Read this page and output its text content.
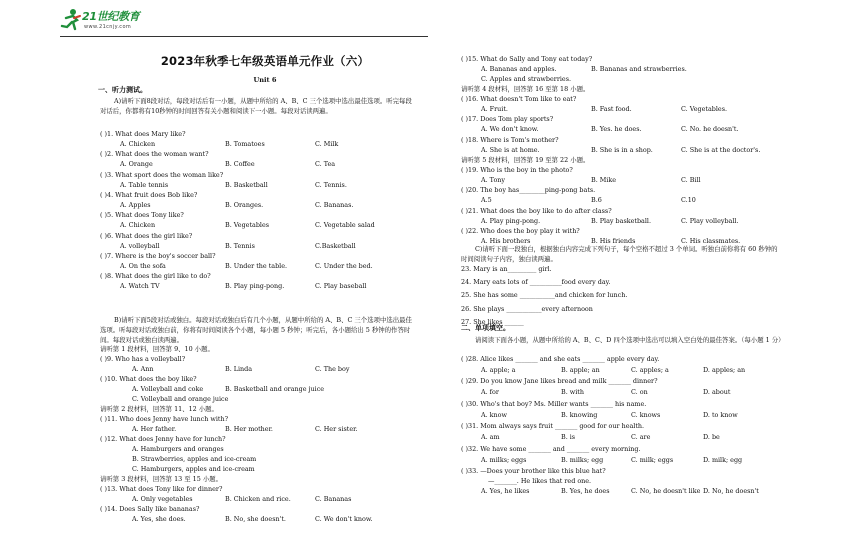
21世纪教育
www.21cnjy.com
2023年秋季七年级英语单元作业（六）
Unit 6
一、听力测试。
A)请听下面8段对话，每段对话后有一小题，从题中所给的 A、B、C 三个选项中选出最佳选项。听完每段对话后，你都将有10秒钟的时间回答有关小题和阅读下一小题。每段对话读两遍。
( )1. What does Mary like?
A. Chicken	B. Tomatoes	C. Milk
( )2. What does the woman want?
A. Orange	B. Coffee	C. Tea
( )3. What sport does the woman like?
A. Table tennis	B. Basketball	C. Tennis.
( )4. What fruit does Bob like?
A. Apples	B. Oranges.	C. Bananas.
( )5. What does Tony like?
A. Chicken	B. Vegetables	C. Vegetable salad
( )6. What does the girl like?
A. volleyball	B. Tennis	C.Basketball
( )7. Where is the boy's soccer ball?
A. On the sofa	B. Under the table.	C. Under the bed.
( )8. What does the girl like to do?
A. Watch TV	B. Play ping-pong.	C. Play baseball
B)请听下面5段对话或独白。每段对话或独白后有几个小题，从题中所给的 A、B、C 三个选项中选出最佳选项。听每段对话或独白前，你将有时间阅读各个小题，每小题 5 秒钟；听完后，各小题给出 5 秒钟的作答时间。每段对话或独白读两遍。
请听第 1 段材料，回答第 9、10 小题。
( )9. Who has a volleyball?
A. Ann	B. Linda	C. The boy
( )10. What does the boy like?
A. Volleyball and coke	B. Basketball and orange juice
C. Volleyball and orange juice
请听第 2 段材料，回答第 11、12 小题。
( )11. Who does Jenny have lunch with?
A. Her father.	B. Her mother.	C. Her sister.
( )12. What does Jenny have for lunch?
A. Hamburgers and oranges
B. Strawberries, apples and ice-cream
C. Hamburgers, apples and ice-cream
请听第 3 段材料，回答第 13 至 15 小题。
( )13. What does Tony like for dinner?
A. Only vegetables	B. Chicken and rice.	C. Bananas
( )14. Does Sally like bananas?
A. Yes, she does.	B. No, she doesn't.	C. We don't know.
( )15. What do Sally and Tony eat today?
A. Bananas and apples.	B. Bananas and strawberries.
C. Apples and strawberries.
请听第 4 段材料，回答第 16 至第 18 小题。
( )16. What doesn't Tom like to eat?
A. Fruit.	B. Fast food.	C. Vegetables.
( )17. Does Tom play sports?
A. We don't know.	B. Yes. he does.	C. No. he doesn't.
( )18. Where is Tom's mother?
A. She is at home.	B. She is in a shop.	C. She is at the doctor's.
请听第 5 段材料，回答第 19 至第 22 小题。
( )19. Who is the boy in the photo?
A. Tony	B. Mike	C. Bill
( )20. The boy has________ping-pong bats.
A.5	B.6	C.10
( )21. What does the boy like to do after class?
A. Play ping-pong.	B. Play basketball.	C. Play volleyball.
( )22. Who does the boy play it with?
A. His brothers	B. His friends	C. His classmates.
C)请听下面一段独白，根据独白内容完成下列句子，每个空格不超过 3 个单词。听独白前你将有 60 秒钟的时间阅读句子内容，独白读两遍。
23. Mary is an_________ girl.
24. Mary eats lots of __________food every day.
25. She has some ___________and chicken for lunch.
26. She plays ___________every afternoon
27. She likes ______
二、单项填空。
请阅读下面各小题，从题中所给的 A、B、C、D 四个选项中选出可以填入空白处的最佳答案。（每小题 1 分）
( )28. Alice likes _______ and she eats _______ apple every day.
A. apple; a	B. apple; an	C. apples; a	D. apples; an
( )29. Do you know Jane likes bread and milk _______ dinner?
A. for	B. with	C. on	D. about
( )30. Who's that boy? Ms. Miller wants _______ his name.
A. know	B. knowing	C. knows	D. to know
( )31. Mom always says fruit _______ good for our health.
A. am	B. is	C. are	D. be
( )32. We have some _______ and _______ every morning.
A. milks; eggs	B. milks; egg	C. milk; eggs	D. milk; egg
( )33. —Does your brother like this blue hat?
—_______. He likes that red one.
A. Yes, he likes	B. Yes, he does	C. No, he doesn't like D. No, he doesn't
